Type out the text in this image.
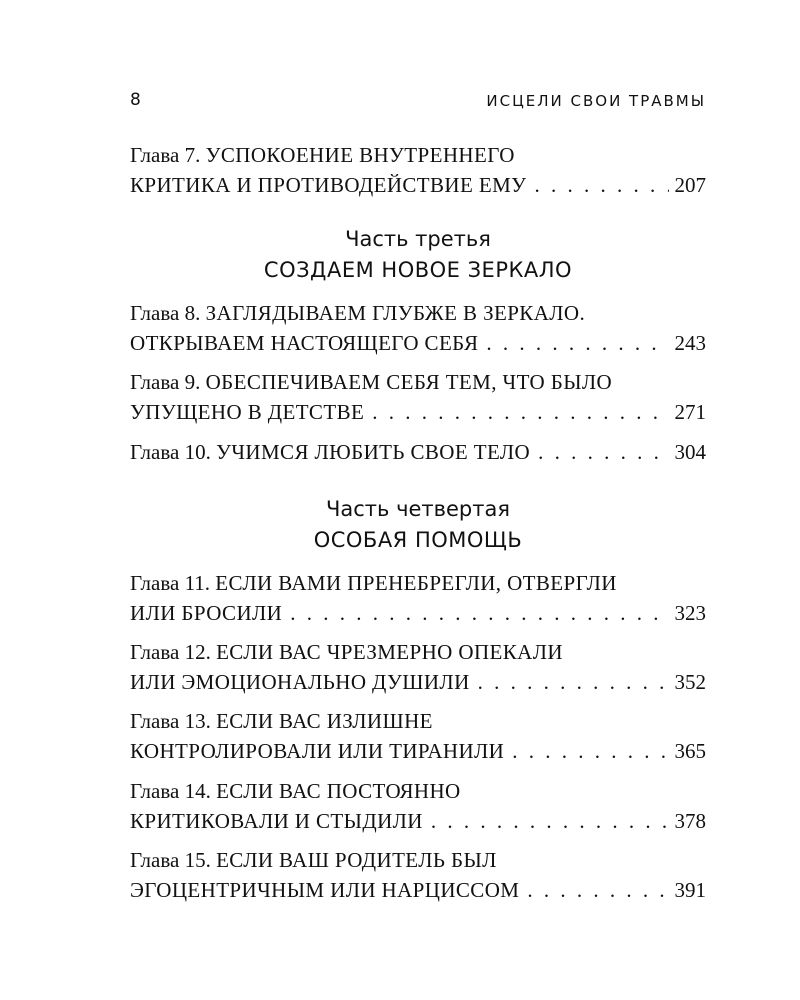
8	ИСЦЕЛИ СВОИ ТРАВМЫ
Глава 7. УСПОКОЕНИЕ ВНУТРЕННЕГО
КРИТИКА И ПРОТИВОДЕЙСТВИЕ ЕМУ . . .	207
Часть третья
СОЗДАЕМ НОВОЕ ЗЕРКАЛО
Глава 8. ЗАГЛЯДЫВАЕМ ГЛУБЖЕ В ЗЕРКАЛО.
ОТКРЫВАЕМ НАСТОЯЩЕГО СЕБЯ . . .	243
Глава 9. ОБЕСПЕЧИВАЕМ СЕБЯ ТЕМ, ЧТО БЫЛО
УПУЩЕНО В ДЕТСТВЕ . . .	271
Глава 10.
УЧИМСЯ ЛЮБИТЬ СВОЕ ТЕЛО . . .	304
Часть четвертая
ОСОБАЯ ПОМОЩЬ
Глава 11. ЕСЛИ ВАМИ ПРЕНЕБРЕГЛИ, ОТВЕРГЛИ
ИЛИ БРОСИЛИ . . .	323
Глава 12. ЕСЛИ ВАС ЧРЕЗМЕРНО ОПЕКАЛИ
ИЛИ ЭМОЦИОНАЛЬНО ДУШИЛИ . . .	352
Глава 13. ЕСЛИ ВАС ИЗЛИШНЕ
КОНТРОЛИРОВАЛИ ИЛИ ТИРАНИЛИ . . .	365
Глава 14. ЕСЛИ ВАС ПОСТОЯННО
КРИТИКОВАЛИ И СТЫДИЛИ . . .	378
Глава 15. ЕСЛИ ВАШ РОДИТЕЛЬ БЫЛ
ЭГОЦЕНТРИЧНЫМ ИЛИ НАРЦИССОМ . . .	391
